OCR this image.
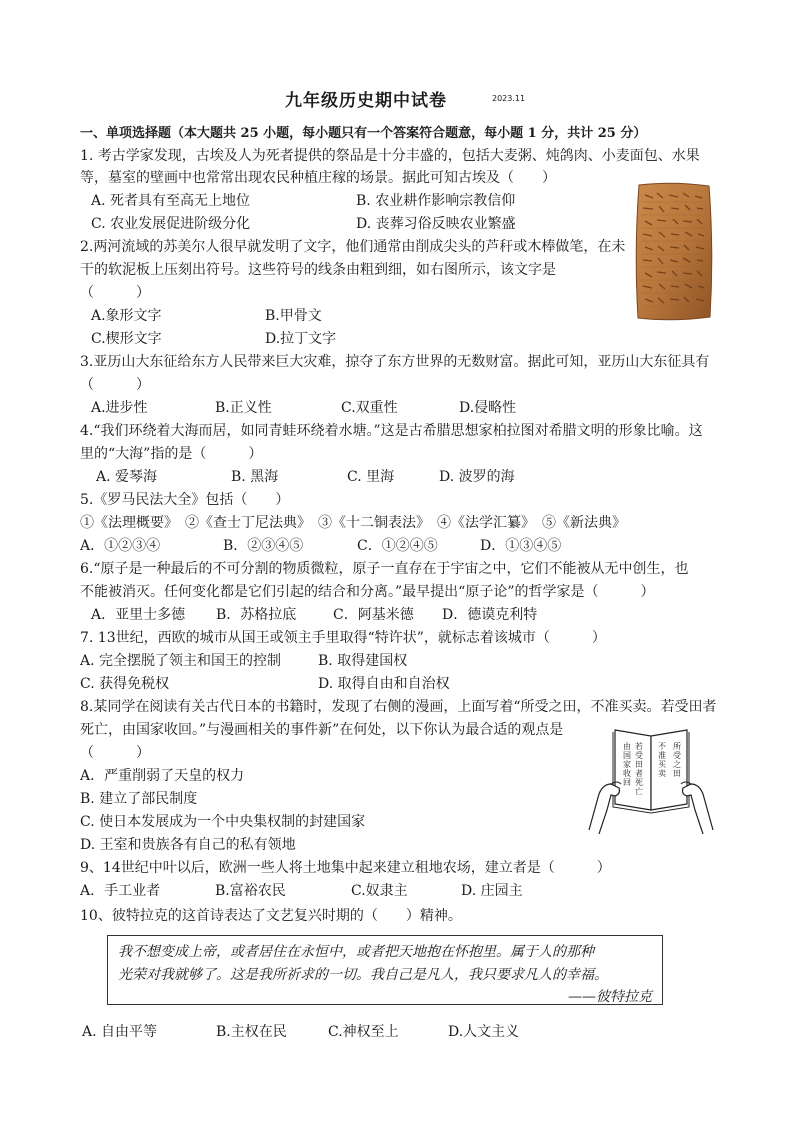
九年级历史期中试卷	2023.11
一、单项选择题（本大题共 25 小题，每小题只有一个答案符合题意，每小题 1 分，共计 25 分）
1. 考古学家发现，古埃及人为死者提供的祭品是十分丰盛的，包括大麦粥、炖鸽肉、小麦面包、水果
等，墓室的壁画中也常常出现农民种植庄稼的场景。据此可知古埃及（　　）
A. 死者具有至高无上地位	B. 农业耕作影响宗教信仰
C. 农业发展促进阶级分化	D. 丧葬习俗反映农业繁盛
2.两河流域的苏美尔人很早就发明了文字，他们通常由削成尖头的芦秆或木棒做笔，在未
干的软泥板上压刻出符号。这些符号的线条由粗到细，如右图所示，该文字是
（　　　）
A.象形文字	B.甲骨文
C.楔形文字	D.拉丁文字
3.亚历山大东征给东方人民带来巨大灾难，掠夺了东方世界的无数财富。据此可知，亚历山大东征具有
（　　　）
A.进步性	B.正义性	C.双重性	D.侵略性
4.“我们环绕着大海而居，如同青蛙环绕着水塘。”这是古希腊思想家柏拉图对希腊文明的形象比喻。这
里的“大海”指的是（　　　）
A. 爱琴海	B. 黑海	C. 里海	D. 波罗的海
5.《罗马民法大全》包括（　　）
①《法理概要》　②《查士丁尼法典》　③《十二铜表法》　④《法学汇纂》　⑤《新法典》
A．①②③④	B．②③④⑤	C．①②④⑤	D．①③④⑤
6.“原子是一种最后的不可分割的物质微粒，原子一直存在于宇宙之中，它们不能被从无中创生，也
不能被消灭。任何变化都是它们引起的结合和分离。”最早提出“原子论”的哲学家是（　　　）
A．亚里士多德 B．苏格拉底	C．阿基米德 D．德谟克利特
7. 13世纪，西欧的城市从国王或领主手里取得“特许状”，就标志着该城市（　　　）
A. 完全摆脱了领主和国王的控制	B. 取得建国权
C. 获得免税权	D. 取得自由和自治权
8.某同学在阅读有关古代日本的书籍时，发现了右侧的漫画，上面写着“所受之田，不准买卖。若受田者
死亡，由国家收回。”与漫画相关的事件新”在何处，以下你认为最合适的观点是
（　　　）
A．严重削弱了天皇的权力
B. 建立了部民制度
C. 使日本发展成为一个中央集权制的封建国家
D. 王室和贵族各有自己的私有领地
由国家收回
若受田者死亡
不准买卖
所受之田
9、14世纪中叶以后，欧洲一些人将土地集中起来建立租地农场，建立者是（　　　）
A．手工业者	B.富裕农民	C.奴隶主	D. 庄园主
10、彼特拉克的这首诗表达了文艺复兴时期的（　　）精神。
我不想变成上帝，或者居住在永恒中，或者把天地抱在怀抱里。属于人的那种
光荣对我就够了。这是我所祈求的一切。我自己是凡人，我只要求凡人的幸福。
——彼特拉克
A. 自由平等	B.主权在民	C.神权至上	D.人文主义
